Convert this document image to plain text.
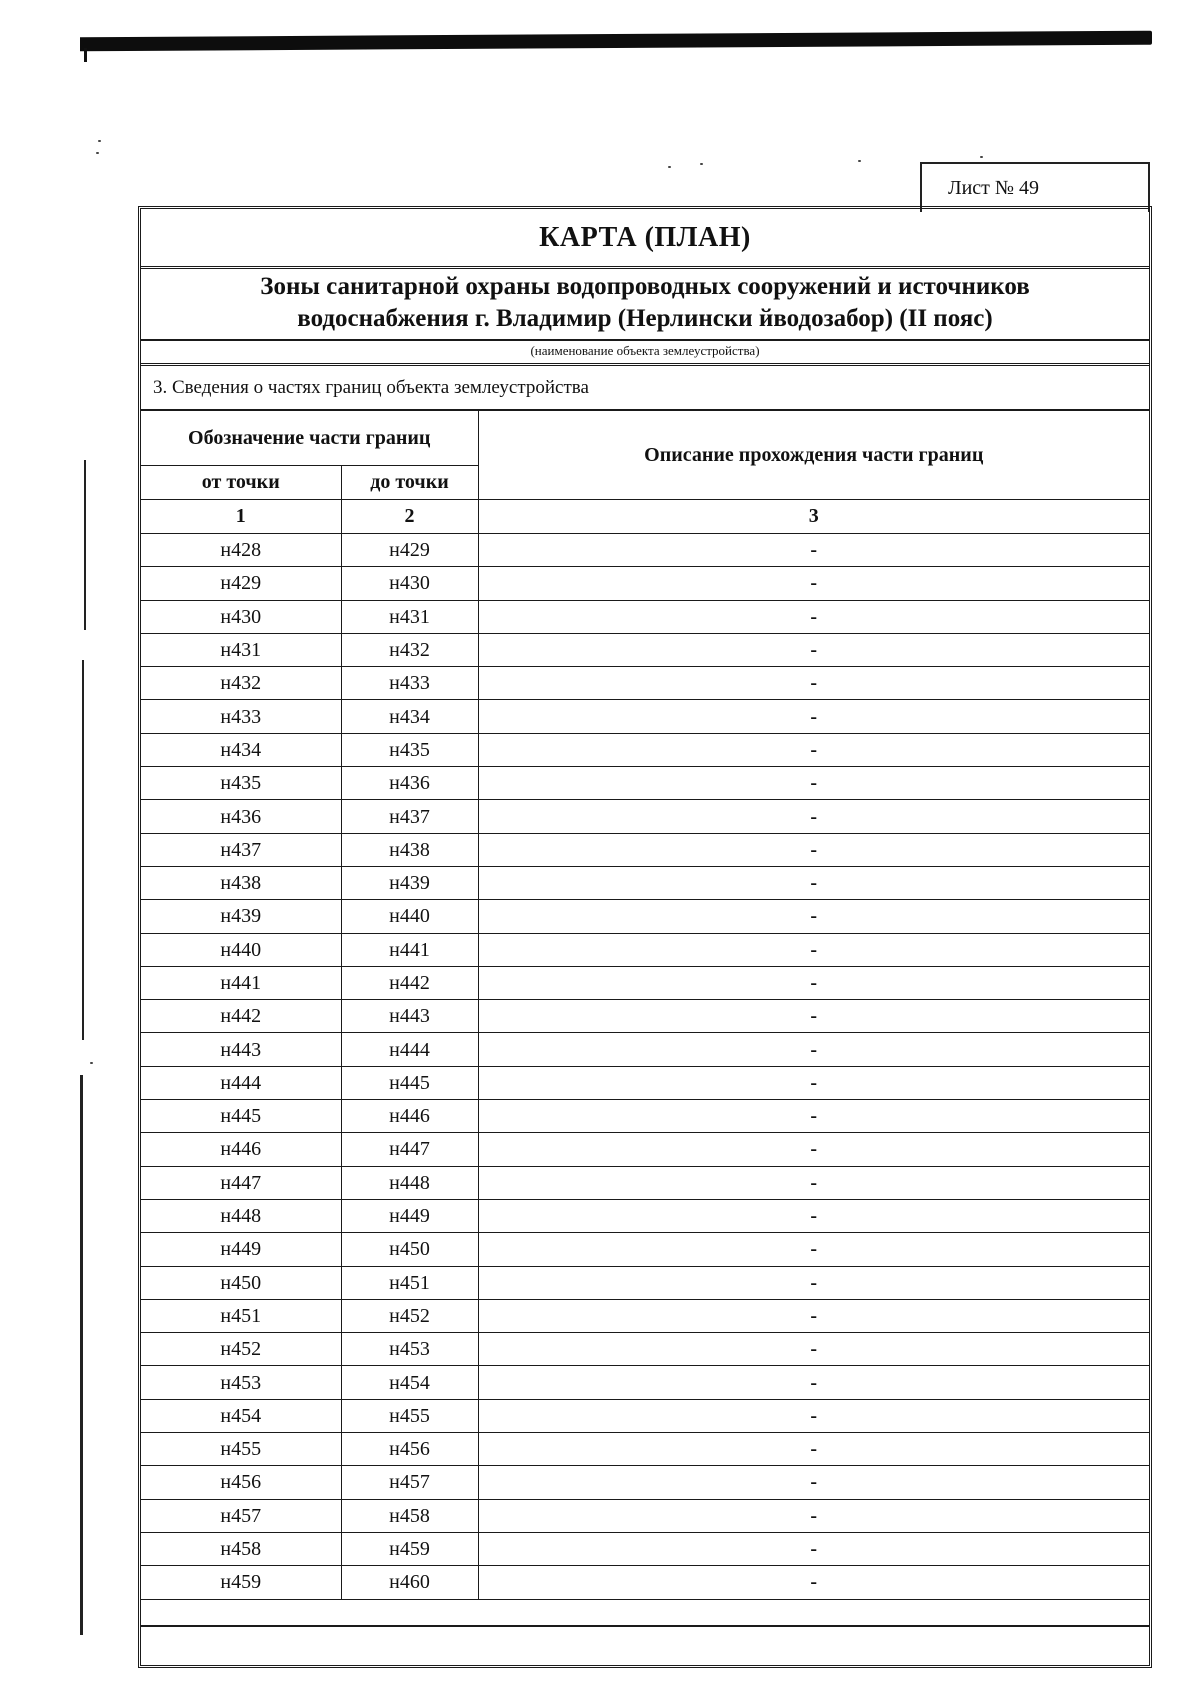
Лист № 49
КАРТА (ПЛАН)
Зоны санитарной охраны водопроводных сооружений и источников
водоснабжения г. Владимир (Нерлински йводозабор) (II пояс)
(наименование объекта землеустройства)
3. Сведения о частях границ объекта землеустройства
Обозначение части границ		Описание прохождения части границ
от точки	до точки	
1	2	3
н428	н429	-
н429	н430	-
н430	н431	-
н431	н432	-
н432	н433	-
н433	н434	-
н434	н435	-
н435	н436	-
н436	н437	-
н437	н438	-
н438	н439	-
н439	н440	-
н440	н441	-
н441	н442	-
н442	н443	-
н443	н444	-
н444	н445	-
н445	н446	-
н446	н447	-
н447	н448	-
н448	н449	-
н449	н450	-
н450	н451	-
н451	н452	-
н452	н453	-
н453	н454	-
н454	н455	-
н455	н456	-
н456	н457	-
н457	н458	-
н458	н459	-
н459	н460	-
